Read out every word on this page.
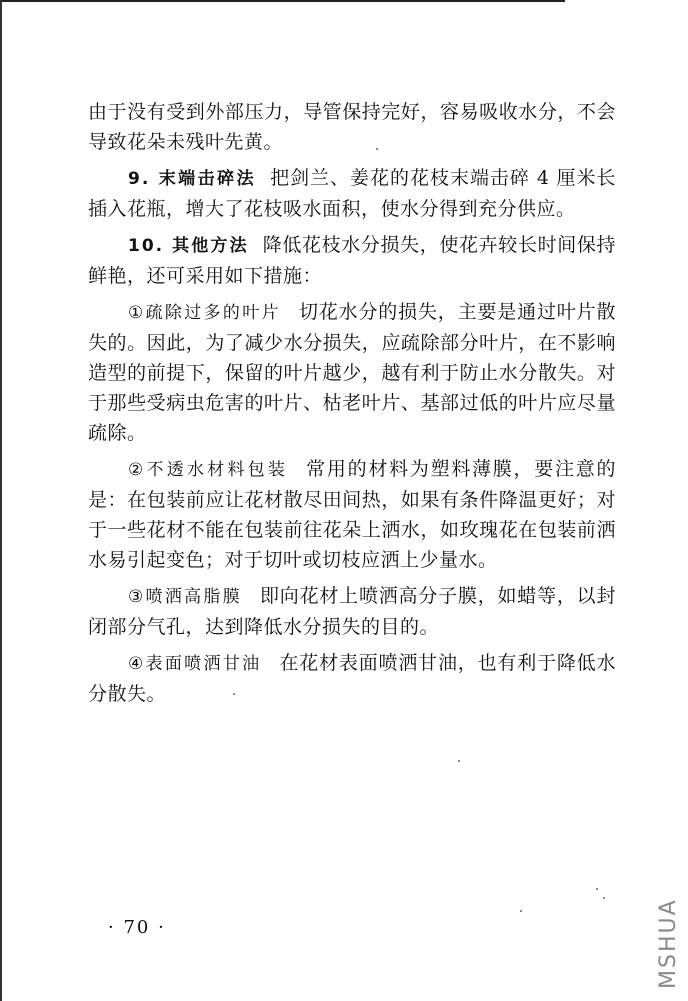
由于没有受到外部压力，导管保持完好，容易吸收水分，不会导致花朵未残叶先黄。

9. 末端击碎法 把剑兰、姜花的花枝末端击碎 4 厘米长插入花瓶，增大了花枝吸水面积，使水分得到充分供应。

10. 其他方法 降低花枝水分损失，使花卉较长时间保持鲜艳，还可采用如下措施：

①疏除过多的叶片 切花水分的损失，主要是通过叶片散失的。因此，为了减少水分损失，应疏除部分叶片，在不影响造型的前提下，保留的叶片越少，越有利于防止水分散失。对于那些受病虫危害的叶片、枯老叶片、基部过低的叶片应尽量疏除。

②不透水材料包装 常用的材料为塑料薄膜，要注意的是：在包装前应让花材散尽田间热，如果有条件降温更好；对于一些花材不能在包装前往花朵上洒水，如玫瑰花在包装前洒水易引起变色；对于切叶或切枝应洒上少量水。

③喷洒高脂膜 即向花材上喷洒高分子膜，如蜡等，以封闭部分气孔，达到降低水分损失的目的。

④表面喷洒甘油 在花材表面喷洒甘油，也有利于降低水分散失。

· 70 ·	MSHUA
